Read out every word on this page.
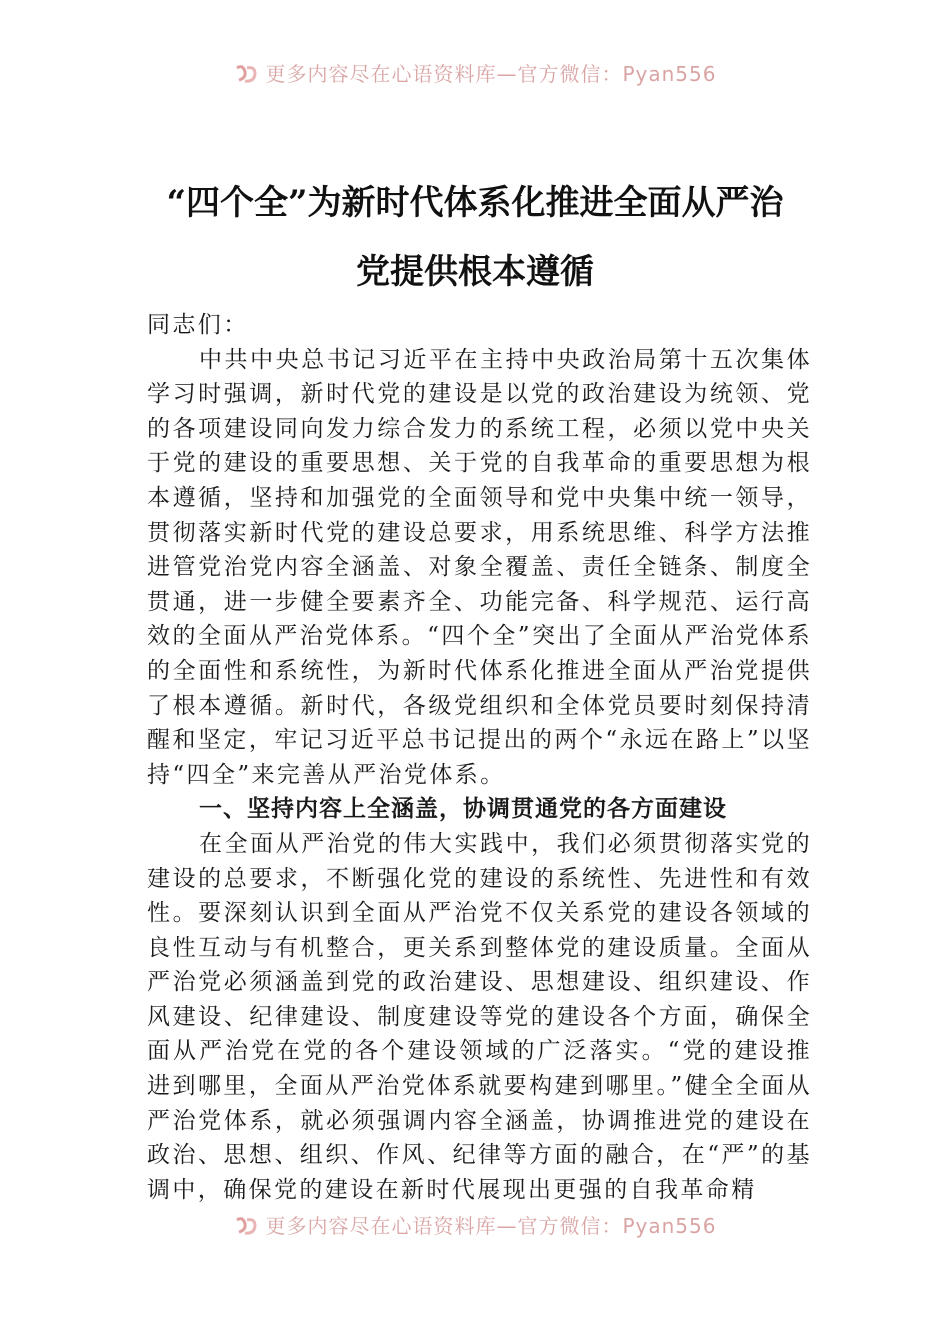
更多内容尽在心语资料库—官方微信：Pyan556
“四个全”为新时代体系化推进全面从严治
党提供根本遵循

同志们：

中共中央总书记习近平在主持中央政治局第十五次集体学习时强调，新时代党的建设是以党的政治建设为统领、党的各项建设同向发力综合发力的系统工程，必须以党中央关于党的建设的重要思想、关于党的自我革命的重要思想为根本遵循，坚持和加强党的全面领导和党中央集中统一领导，贯彻落实新时代党的建设总要求，用系统思维、科学方法推进管党治党内容全涵盖、对象全覆盖、责任全链条、制度全贯通，进一步健全要素齐全、功能完备、科学规范、运行高效的全面从严治党体系。“四个全”突出了全面从严治党体系的全面性和系统性，为新时代体系化推进全面从严治党提供了根本遵循。新时代，各级党组织和全体党员要时刻保持清醒和坚定，牢记习近平总书记提出的两个“永远在路上”以坚持“四全”来完善从严治党体系。

一、坚持内容上全涵盖，协调贯通党的各方面建设

在全面从严治党的伟大实践中，我们必须贯彻落实党的建设的总要求，不断强化党的建设的系统性、先进性和有效性。要深刻认识到全面从严治党不仅关系党的建设各领域的良性互动与有机整合，更关系到整体党的建设质量。全面从严治党必须涵盖到党的政治建设、思想建设、组织建设、作风建设、纪律建设、制度建设等党的建设各个方面，确保全面从严治党在党的各个建设领域的广泛落实。“党的建设推进到哪里，全面从严治党体系就要构建到哪里。”健全全面从严治党体系，就必须强调内容全涵盖，协调推进党的建设在政治、思想、组织、作风、纪律等方面的融合，在“严”的基调中，确保党的建设在新时代展现出更强的自我革命精

更多内容尽在心语资料库—官方微信：Pyan556
